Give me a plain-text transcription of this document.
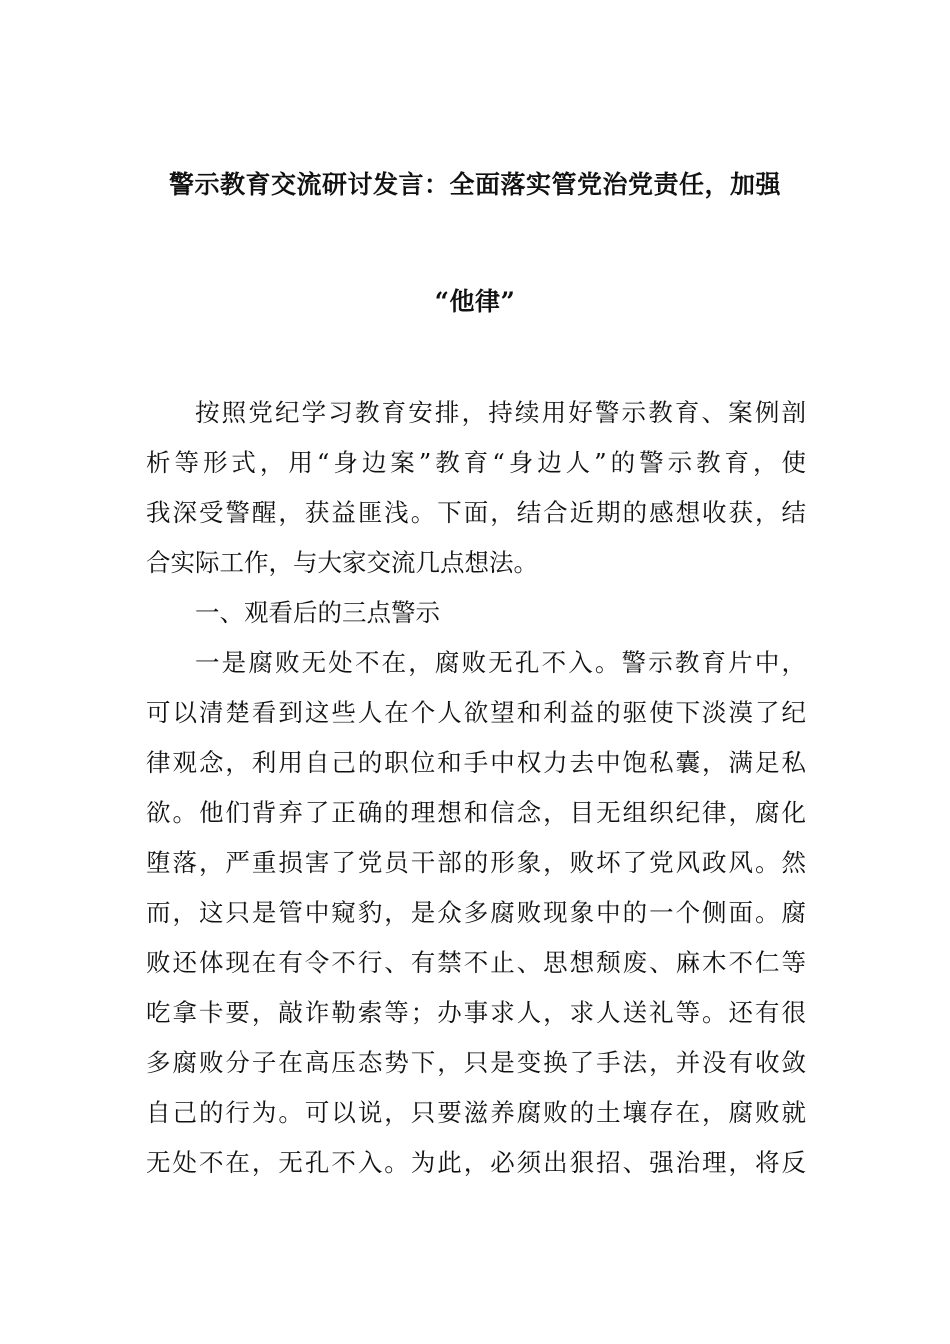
警示教育交流研讨发言：全面落实管党治党责任，加强
“他律”
按照党纪学习教育安排，持续用好警示教育、案例剖
析等形式，用“身边案”教育“身边人”的警示教育，使
我深受警醒，获益匪浅。下面，结合近期的感想收获，结
合实际工作，与大家交流几点想法。
一、观看后的三点警示
一是腐败无处不在，腐败无孔不入。警示教育片中，
可以清楚看到这些人在个人欲望和利益的驱使下淡漠了纪
律观念，利用自己的职位和手中权力去中饱私囊，满足私
欲。他们背弃了正确的理想和信念，目无组织纪律，腐化
堕落，严重损害了党员干部的形象，败坏了党风政风。然
而，这只是管中窥豹，是众多腐败现象中的一个侧面。腐
败还体现在有令不行、有禁不止、思想颓废、麻木不仁等
吃拿卡要，敲诈勒索等；办事求人，求人送礼等。还有很
多腐败分子在高压态势下，只是变换了手法，并没有收敛
自己的行为。可以说，只要滋养腐败的土壤存在，腐败就
无处不在，无孔不入。为此，必须出狠招、强治理，将反
